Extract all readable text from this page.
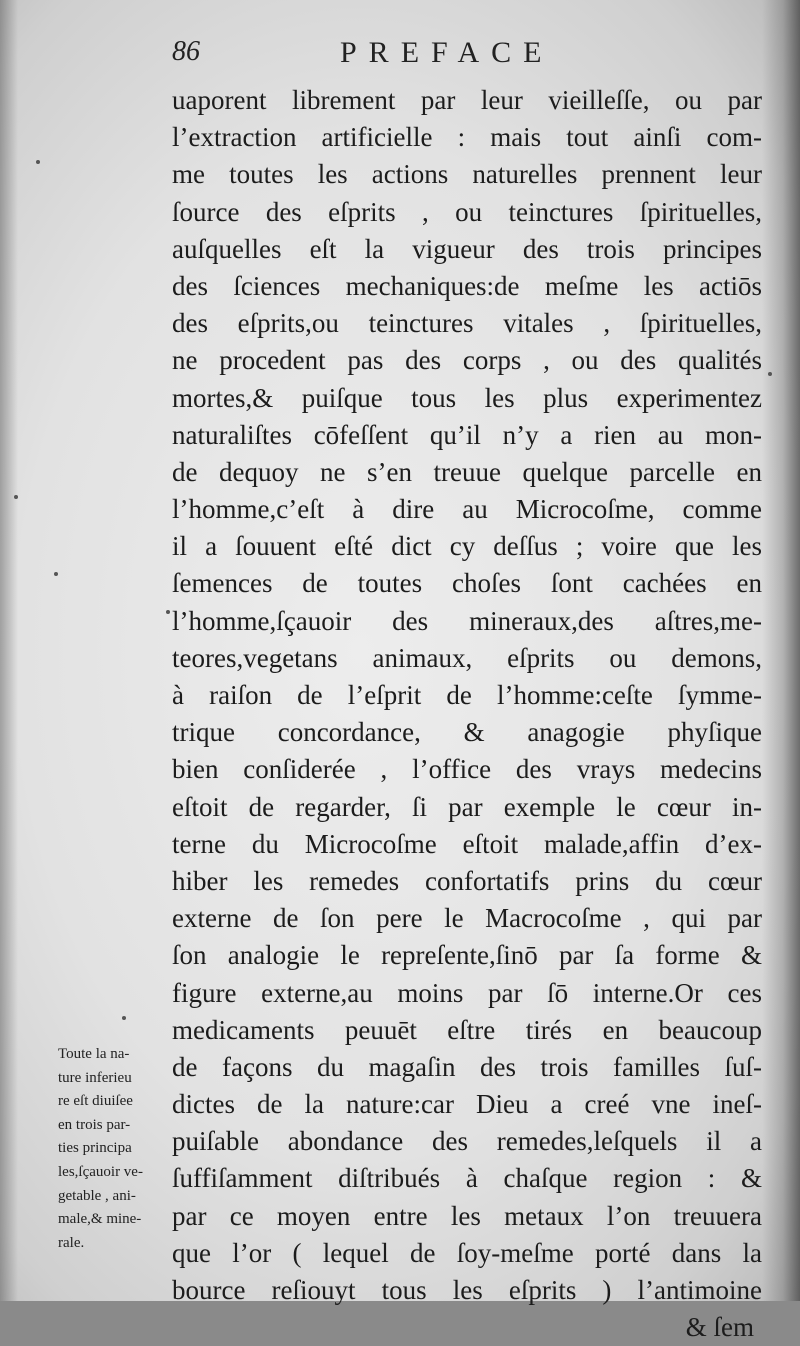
86	PREFACE
uaporent librement par leur vieilleſſe, ou par
l’extraction artificielle : mais tout ainſi com-
me toutes les actions naturelles prennent leur
ſource des eſprits , ou teinctures ſpirituelles,
auſquelles eſt la vigueur des trois principes
des ſciences mechaniques:de meſme les actiōs
des eſprits,ou teinctures vitales , ſpirituelles,
ne procedent pas des corps , ou des qualités
mortes,& puiſque tous les plus experimentez
naturaliſtes cōfeſſent qu’il n’y a rien au mon-
de dequoy ne s’en treuue quelque parcelle en
l’homme,c’eſt à dire au Microcoſme, comme
il a ſouuent eſté dict cy deſſus ; voire que les
ſemences de toutes choſes ſont cachées en
l’homme,ſçauoir des mineraux,des aſtres,me-
teores,vegetans animaux, eſprits ou demons,
à raiſon de l’eſprit de l’homme:ceſte ſymme-
trique concordance, & anagogie phyſique
bien conſiderée , l’office des vrays medecins
eſtoit de regarder, ſi par exemple le cœur in-
terne du Microcoſme eſtoit malade,affin d’ex-
hiber les remedes confortatifs prins du cœur
externe de ſon pere le Macrocoſme , qui par
ſon analogie le repreſente,ſinō par ſa forme &
figure externe,au moins par ſō interne.Or ces
medicaments peuuēt eſtre tirés en beaucoup
de façons du magaſin des trois familles ſuſ-
dictes de la nature:car Dieu a creé vne ineſ-
puiſable abondance des remedes,leſquels il a
ſuffiſamment diſtribués à chaſque region : &
par ce moyen entre les metaux l’on treuuera
que l’or ( lequel de ſoy-meſme porté dans la
bource reſiouyt tous les eſprits ) l’antimoine
& ſem
Toute la na-
ture inferieu
re eſt diuiſee
en trois par-
ties principa
les,ſçauoir ve-
getable , ani-
male,& mine-
rale.
